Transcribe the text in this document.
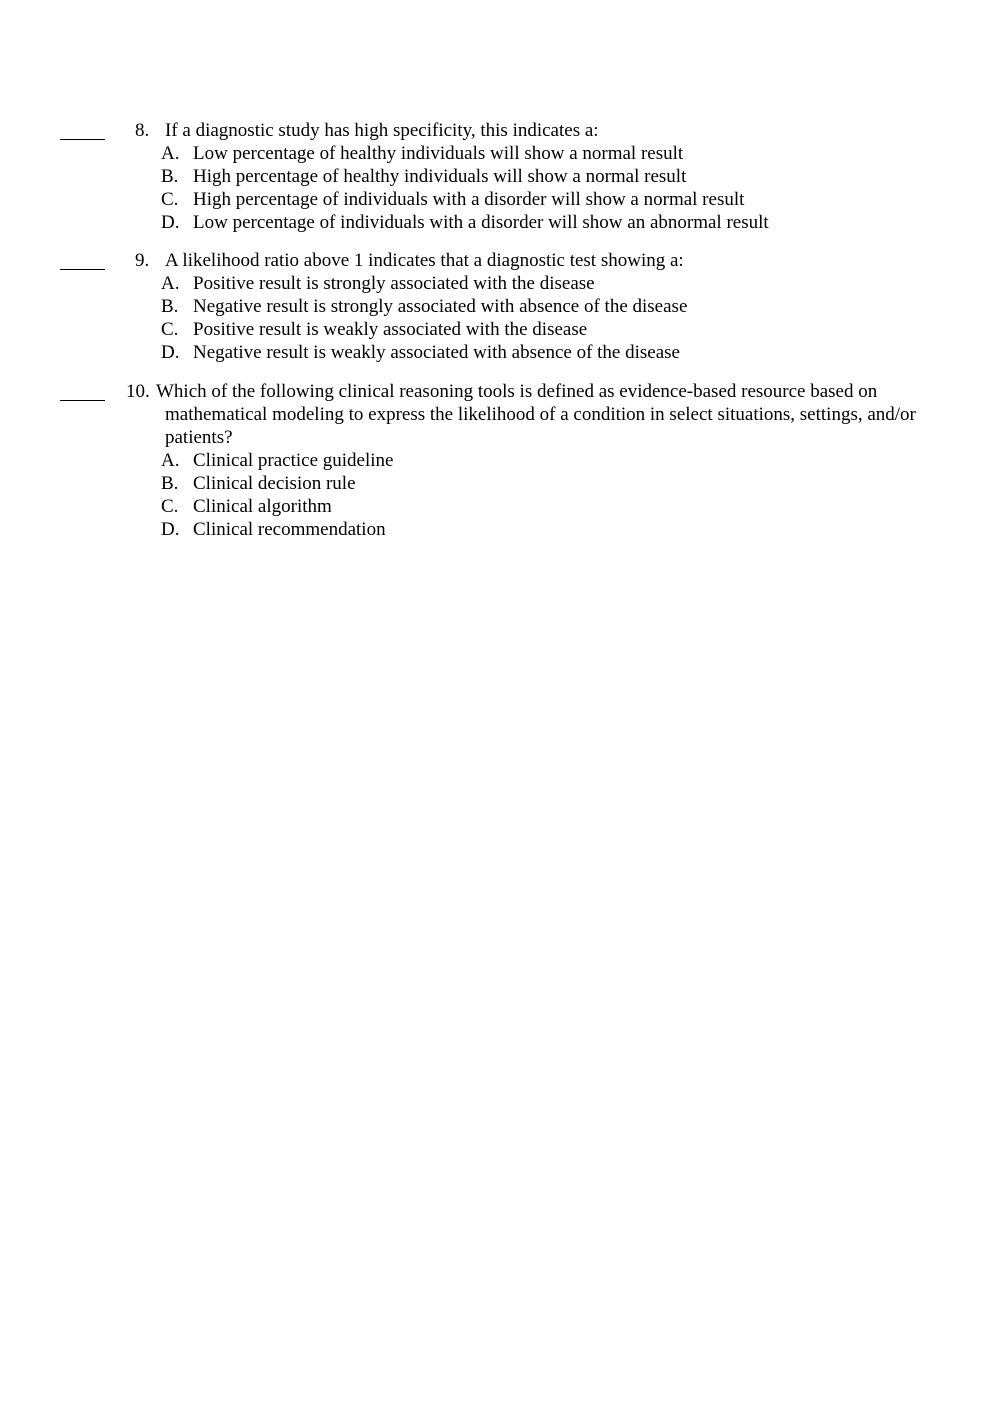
8. If a diagnostic study has high specificity, this indicates a:
A. Low percentage of healthy individuals will show a normal result
B. High percentage of healthy individuals will show a normal result
C. High percentage of individuals with a disorder will show a normal result
D. Low percentage of individuals with a disorder will show an abnormal result
9. A likelihood ratio above 1 indicates that a diagnostic test showing a:
A. Positive result is strongly associated with the disease
B. Negative result is strongly associated with absence of the disease
C. Positive result is weakly associated with the disease
D. Negative result is weakly associated with absence of the disease
10. Which of the following clinical reasoning tools is defined as evidence-based resource based on
mathematical modeling to express the likelihood of a condition in select situations, settings, and/or
patients?
A. Clinical practice guideline
B. Clinical decision rule
C. Clinical algorithm
D. Clinical recommendation
